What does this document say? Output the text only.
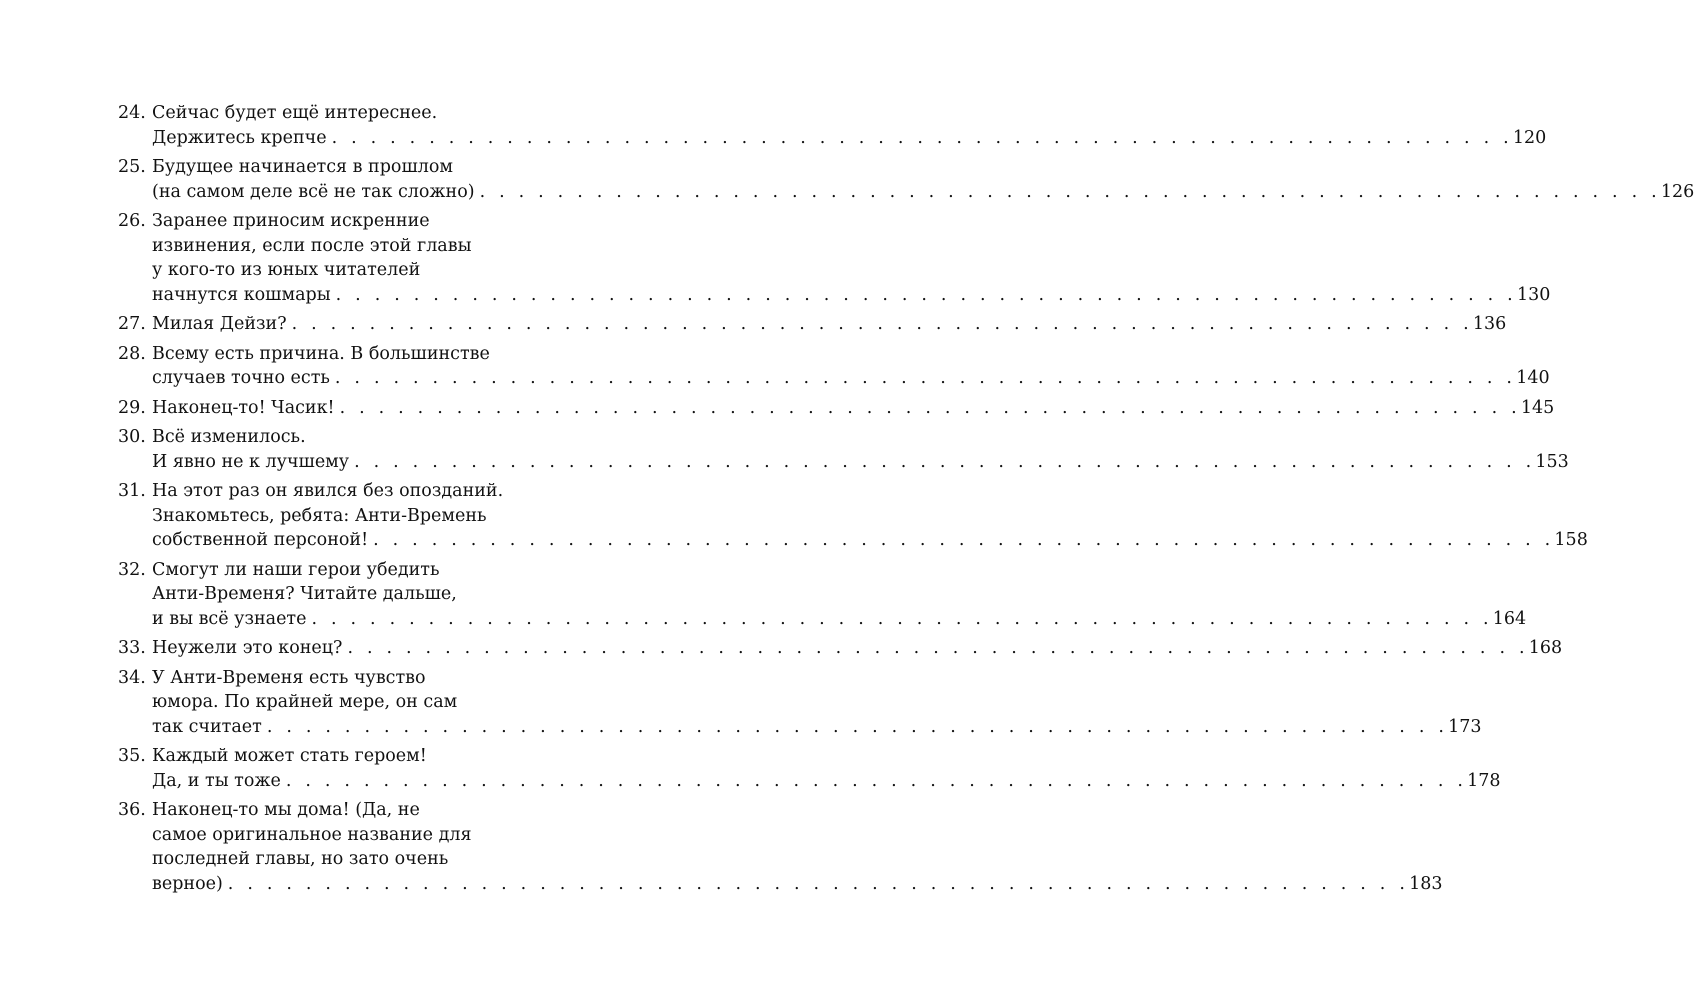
24. Сейчас будет ещё интереснее.
Держитесь крепче . . . . . . . . . . . . . . . . . . . . . . . . . . . . . . . . . . . . . . . . . . . . . . . . . . . . . . . . . . . . . 120
25. Будущее начинается в прошлом
(на самом деле всё не так сложно) . . . . . . . . . . . . . . . . . . . . . . . . . . . . . . . . . . . . . . . . . . . . . . . . . . . . . . . . . . . . . 126
26. Заранее приносим искренние
извинения, если после этой главы
у кого-то из юных читателей
начнутся кошмары . . . . . . . . . . . . . . . . . . . . . . . . . . . . . . . . . . . . . . . . . . . . . . . . . . . . . . . . . . . . . 130
27. Милая Дейзи? . . . . . . . . . . . . . . . . . . . . . . . . . . . . . . . . . . . . . . . . . . . . . . . . . . . . . . . . . . . . . 136
28. Всему есть причина. В большинстве
случаев точно есть . . . . . . . . . . . . . . . . . . . . . . . . . . . . . . . . . . . . . . . . . . . . . . . . . . . . . . . . . . . . . 140
29. Наконец-то! Часик! . . . . . . . . . . . . . . . . . . . . . . . . . . . . . . . . . . . . . . . . . . . . . . . . . . . . . . . . . . . . . 145
30. Всё изменилось.
И явно не к лучшему . . . . . . . . . . . . . . . . . . . . . . . . . . . . . . . . . . . . . . . . . . . . . . . . . . . . . . . . . . . . . 153
31. На этот раз он явился без опозданий.
Знакомьтесь, ребята: Анти-Времень
собственной персоной! . . . . . . . . . . . . . . . . . . . . . . . . . . . . . . . . . . . . . . . . . . . . . . . . . . . . . . . . . . . . . 158
32. Смогут ли наши герои убедить
Анти-Временя? Читайте дальше,
и вы всё узнаете . . . . . . . . . . . . . . . . . . . . . . . . . . . . . . . . . . . . . . . . . . . . . . . . . . . . . . . . . . . . . 164
33. Неужели это конец? . . . . . . . . . . . . . . . . . . . . . . . . . . . . . . . . . . . . . . . . . . . . . . . . . . . . . . . . . . . . . 168
34. У Анти-Временя есть чувство
юмора. По крайней мере, он сам
так считает . . . . . . . . . . . . . . . . . . . . . . . . . . . . . . . . . . . . . . . . . . . . . . . . . . . . . . . . . . . . . 173
35. Каждый может стать героем!
Да, и ты тоже . . . . . . . . . . . . . . . . . . . . . . . . . . . . . . . . . . . . . . . . . . . . . . . . . . . . . . . . . . . . . 178
36. Наконец-то мы дома! (Да, не
самое оригинальное название для
последней главы, но зато очень
верное) . . . . . . . . . . . . . . . . . . . . . . . . . . . . . . . . . . . . . . . . . . . . . . . . . . . . . . . . . . . . . 183
